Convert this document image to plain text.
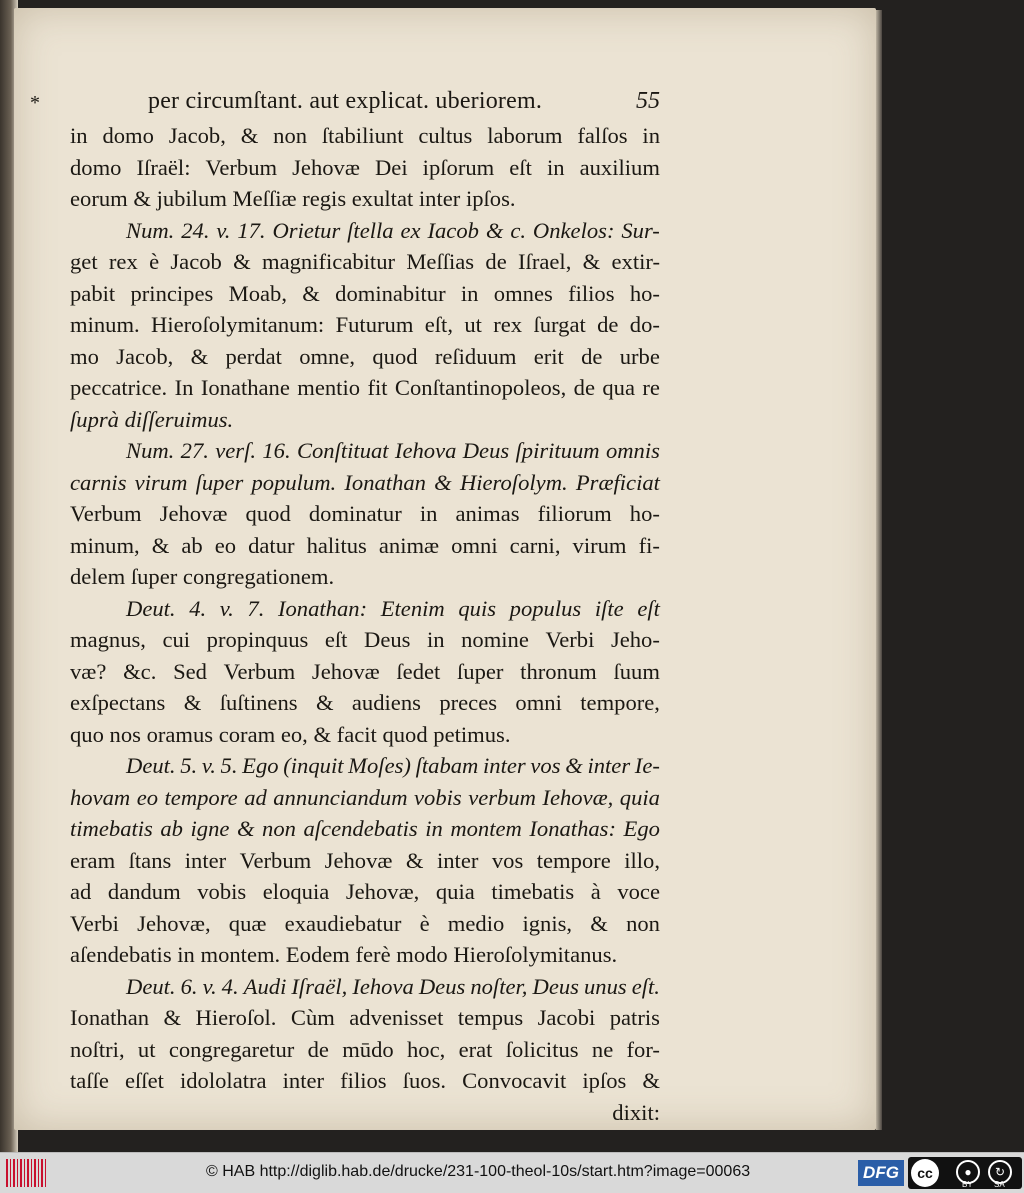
*	per circumſtant. aut explicat. uberiorem.	55
in domo Jacob, & non ſtabiliunt cultus laborum falſos in
domo Iſraël: Verbum Jehovæ Dei ipſorum eſt in auxilium
eorum & jubilum Meſſiæ regis exultat inter ipſos.
Num. 24. v. 17. Orietur ſtella ex Iacob & c. Onkelos: Sur-
get rex è Jacob & magnificabitur Meſſias de Iſrael, & extir-
pabit principes Moab, & dominabitur in omnes filios ho-
minum. Hieroſolymitanum: Futurum eſt, ut rex ſurgat de do-
mo Jacob, & perdat omne, quod reſiduum erit de urbe
peccatrice. In Ionathane mentio fit Conſtantinopoleos, de qua re
ſuprà diſſeruimus.
Num. 27. verſ. 16. Conſtituat Iehova Deus ſpirituum omnis
carnis virum ſuper populum. Ionathan & Hieroſolym. Præficiat
Verbum Jehovæ quod dominatur in animas filiorum ho-
minum, & ab eo datur halitus animæ omni carni, virum fi-
delem ſuper congregationem.
Deut. 4. v. 7. Ionathan: Etenim quis populus iſte eſt
magnus, cui propinquus eſt Deus in nomine Verbi Jeho-
væ? &c. Sed Verbum Jehovæ ſedet ſuper thronum ſuum
exſpectans & ſuſtinens & audiens preces omni tempore,
quo nos oramus coram eo, & facit quod petimus.
Deut. 5. v. 5. Ego (inquit Moſes) ſtabam inter vos & inter Ie-
hovam eo tempore ad annunciandum vobis verbum Iehovæ, quia
timebatis ab igne & non aſcendebatis in montem Ionathas: Ego
eram ſtans inter Verbum Jehovæ & inter vos tempore illo,
ad dandum vobis eloquia Jehovæ, quia timebatis à voce
Verbi Jehovæ, quæ exaudiebatur è medio ignis, & non
aſendebatis in montem. Eodem ferè modo Hieroſolymitanus.
Deut. 6. v. 4. Audi Iſraël, Iehova Deus noſter, Deus unus eſt.
Ionathan & Hieroſol. Cùm advenisset tempus Jacobi patris
noſtri, ut congregaretur de mūdo hoc, erat ſolicitus ne for-
taſſe eſſet idololatra inter filios ſuos. Convocavit ipſos &
dixit:
© HAB http://diglib.hab.de/drucke/231-100-theol-10s/start.htm?image=00063	DFG	cc	●	↻
BY	SA
